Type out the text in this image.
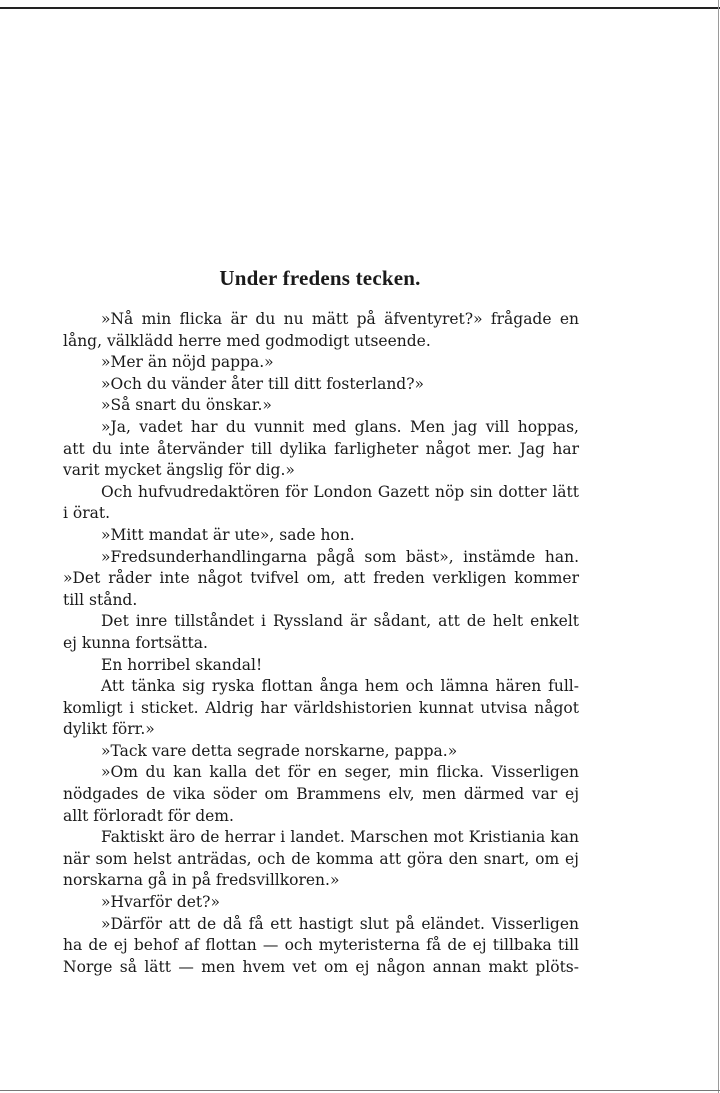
Under fredens tecken.
»Nå min flicka är du nu mätt på äfventyret?» frågade en
lång, välklädd herre med godmodigt utseende.
»Mer än nöjd pappa.»
»Och du vänder åter till ditt fosterland?»
»Så snart du önskar.»
»Ja, vadet har du vunnit med glans. Men jag vill hoppas,
att du inte återvänder till dylika farligheter något mer. Jag har
varit mycket ängslig för dig.»
Och hufvudredaktören för London Gazett nöp sin dotter lätt
i örat.
»Mitt mandat är ute», sade hon.
»Fredsunderhandlingarna pågå som bäst», instämde han.
»Det råder inte något tvifvel om, att freden verkligen kommer
till stånd.
Det inre tillståndet i Ryssland är sådant, att de helt enkelt
ej kunna fortsätta.
En horribel skandal!
Att tänka sig ryska flottan ånga hem och lämna hären full-
komligt i sticket. Aldrig har världshistorien kunnat utvisa något
dylikt förr.»
»Tack vare detta segrade norskarne, pappa.»
»Om du kan kalla det för en seger, min flicka. Visserligen
nödgades de vika söder om Brammens elv, men därmed var ej
allt förloradt för dem.
Faktiskt äro de herrar i landet. Marschen mot Kristiania kan
när som helst anträdas, och de komma att göra den snart, om ej
norskarna gå in på fredsvillkoren.»
»Hvarför det?»
»Därför att de då få ett hastigt slut på eländet. Visserligen
ha de ej behof af flottan — och myteristerna få de ej tillbaka till
Norge så lätt — men hvem vet om ej någon annan makt plöts-
